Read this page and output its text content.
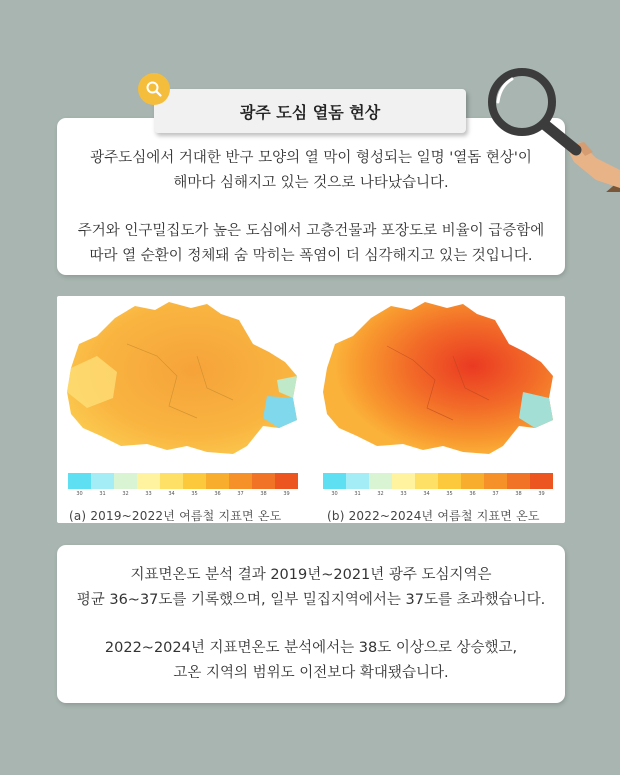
광주 도심 열돔 현상

광주도심에서 거대한 반구 모양의 열 막이 형성되는 일명 '열돔 현상'이

해마다 심해지고 있는 것으로 나타났습니다.

주거와 인구밀집도가 높은 도심에서 고층건물과 포장도로 비율이 급증함에

따라 열 순환이 정체돼 숨 막히는 폭염이 더 심각해지고 있는 것입니다.

30	31	32	33	34	35	36	37	38	39	30	31	32	33	34	35	36	37	38	39
(a) 2019~2022년 여름철 지표면 온도	(b) 2022~2024년 여름철 지표면 온도

지표면온도 분석 결과 2019년~2021년 광주 도심지역은

평균 36~37도를 기록했으며, 일부 밀집지역에서는 37도를 초과했습니다.

2022~2024년 지표면온도 분석에서는 38도 이상으로 상승했고,

고온 지역의 범위도 이전보다 확대됐습니다.
